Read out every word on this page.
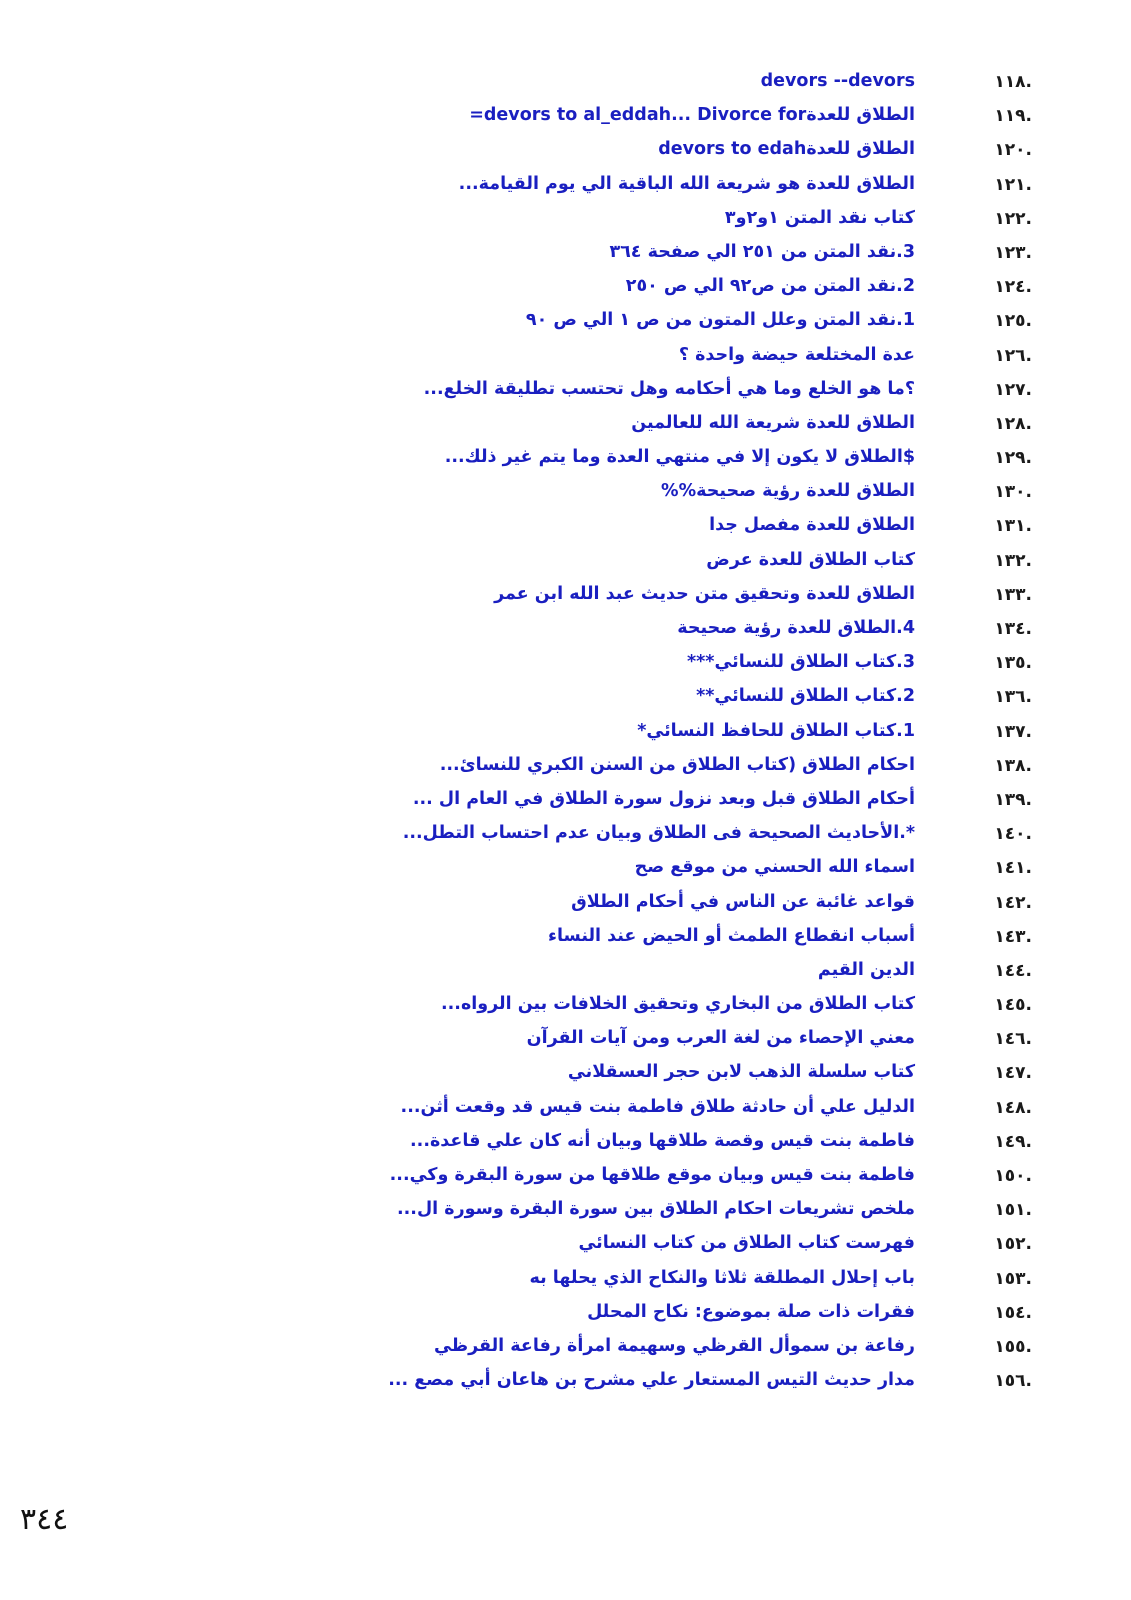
.١١٨
devors --devors
.١١٩
الطلاق للعدةdevors to al_eddah... Divorce for=
.١٢٠
الطلاق للعدةdevors to edah
.١٢١
الطلاق للعدة هو شريعة الله الباقية الي يوم القيامة...
.١٢٢
كتاب نقد المتن ١و٢و٣
.١٢٣
3.نقد المتن من ٢٥١ الي صفحة ٣٦٤
.١٢٤
2.نقد المتن من ص٩٢ الي ص ٢٥٠
.١٢٥
1.نقد المتن وعلل المتون من ص ١ الي ص ٩٠
.١٢٦
عدة المختلعة حيضة واحدة ؟
.١٢٧
؟ما هو الخلع وما هي أحكامه وهل تحتسب تطليقة الخلع...
.١٢٨
الطلاق للعدة شريعة الله للعالمين
.١٢٩
$الطلاق لا يكون إلا في منتهي العدة وما يتم غير ذلك...
.١٣٠
الطلاق للعدة رؤية صحيحة%%
.١٣١
الطلاق للعدة مفصل جدا
.١٣٢
كتاب الطلاق للعدة عرض
.١٣٣
الطلاق للعدة وتحقيق متن حديث عبد الله ابن عمر
.١٣٤
4.الطلاق للعدة رؤية صحيحة
.١٣٥
3.كتاب الطلاق للنسائي***
.١٣٦
2.كتاب الطلاق للنسائي**
.١٣٧
1.كتاب الطلاق للحافظ النسائي*
.١٣٨
احكام الطلاق (كتاب الطلاق من السنن الكبري للنسائ...
.١٣٩
أحكام الطلاق قبل وبعد نزول سورة الطلاق في العام ال ...
.١٤٠
*.الأحاديث الصحيحة فى الطلاق وبيان عدم احتساب التطل...
.١٤١
اسماء الله الحسني من موقع صح
.١٤٢
قواعد غائبة عن الناس في أحكام الطلاق
.١٤٣
أسباب انقطاع الطمث أو الحيض عند النساء
.١٤٤
الدين القيم
.١٤٥
كتاب الطلاق من البخاري وتحقيق الخلافات بين الرواه...
.١٤٦
معني الإحصاء من لغة العرب ومن آيات القرآن
.١٤٧
كتاب سلسلة الذهب لابن حجر العسقلاني
.١٤٨
الدليل علي أن حادثة طلاق فاطمة بنت قيس قد وقعت أثن...
.١٤٩
فاطمة بنت قيس وقصة طلاقها وبيان أنه كان علي قاعدة...
.١٥٠
فاطمة بنت قيس وبيان موقع طلاقها من سورة البقرة وكي...
.١٥١
ملخص تشريعات احكام الطلاق بين سورة البقرة وسورة ال...
.١٥٢
فهرست كتاب الطلاق من كتاب النسائي
.١٥٣
باب إحلال المطلقة ثلاثا والنكاح الذي يحلها به
.١٥٤
فقرات ذات صلة بموضوع: نكاح المحلل
.١٥٥
رفاعة بن سموأل القرظي وسهيمة امرأة رفاعة القرظي
.١٥٦
مدار حديث التيس المستعار علي مشرح بن هاعان أبي مصع ...
٣٤٤
